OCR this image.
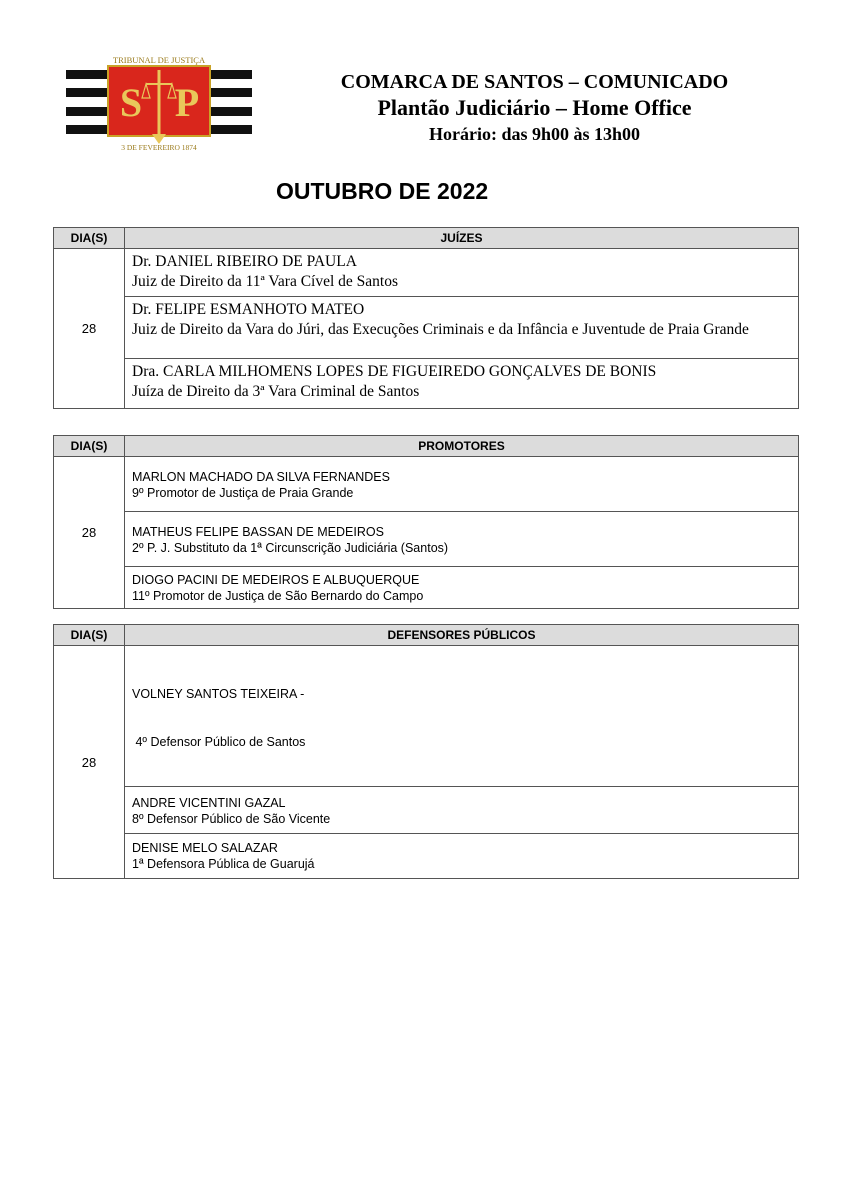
TRIBUNAL DE JUSTIÇA
S P
3 DE FEVEREIRO 1874
COMARCA DE SANTOS – COMUNICADO
Plantão Judiciário – Home Office
Horário: das 9h00 às 13h00
OUTUBRO DE 2022
DIA(S)	JUÍZES
28	Dr. DANIEL RIBEIRO DE PAULA
Juiz de Direito da 11ª Vara Cível de Santos

	Dr. FELIPE ESMANHOTO MATEO
Juiz de Direito da Vara do Júri, das Execuções Criminais e da Infância e Juventude de Praia Grande

	Dra. CARLA MILHOMENS LOPES DE FIGUEIREDO GONÇALVES DE BONIS
Juíza de Direito da 3ª Vara Criminal de Santos
DIA(S)	PROMOTORES
28	MARLON MACHADO DA SILVA FERNANDES
9º Promotor de Justiça de Praia Grande

	MATHEUS FELIPE BASSAN DE MEDEIROS
2º P. J. Substituto da 1ª Circunscrição Judiciária (Santos)

	DIOGO PACINI DE MEDEIROS E ALBUQUERQUE
11º Promotor de Justiça de São Bernardo do Campo
DIA(S)	DEFENSORES PÚBLICOS
28	VOLNEY SANTOS TEIXEIRA -

4º Defensor Público de Santos

	ANDRE VICENTINI GAZAL
8º Defensor Público de São Vicente

	DENISE MELO SALAZAR
1ª Defensora Pública de Guarujá
